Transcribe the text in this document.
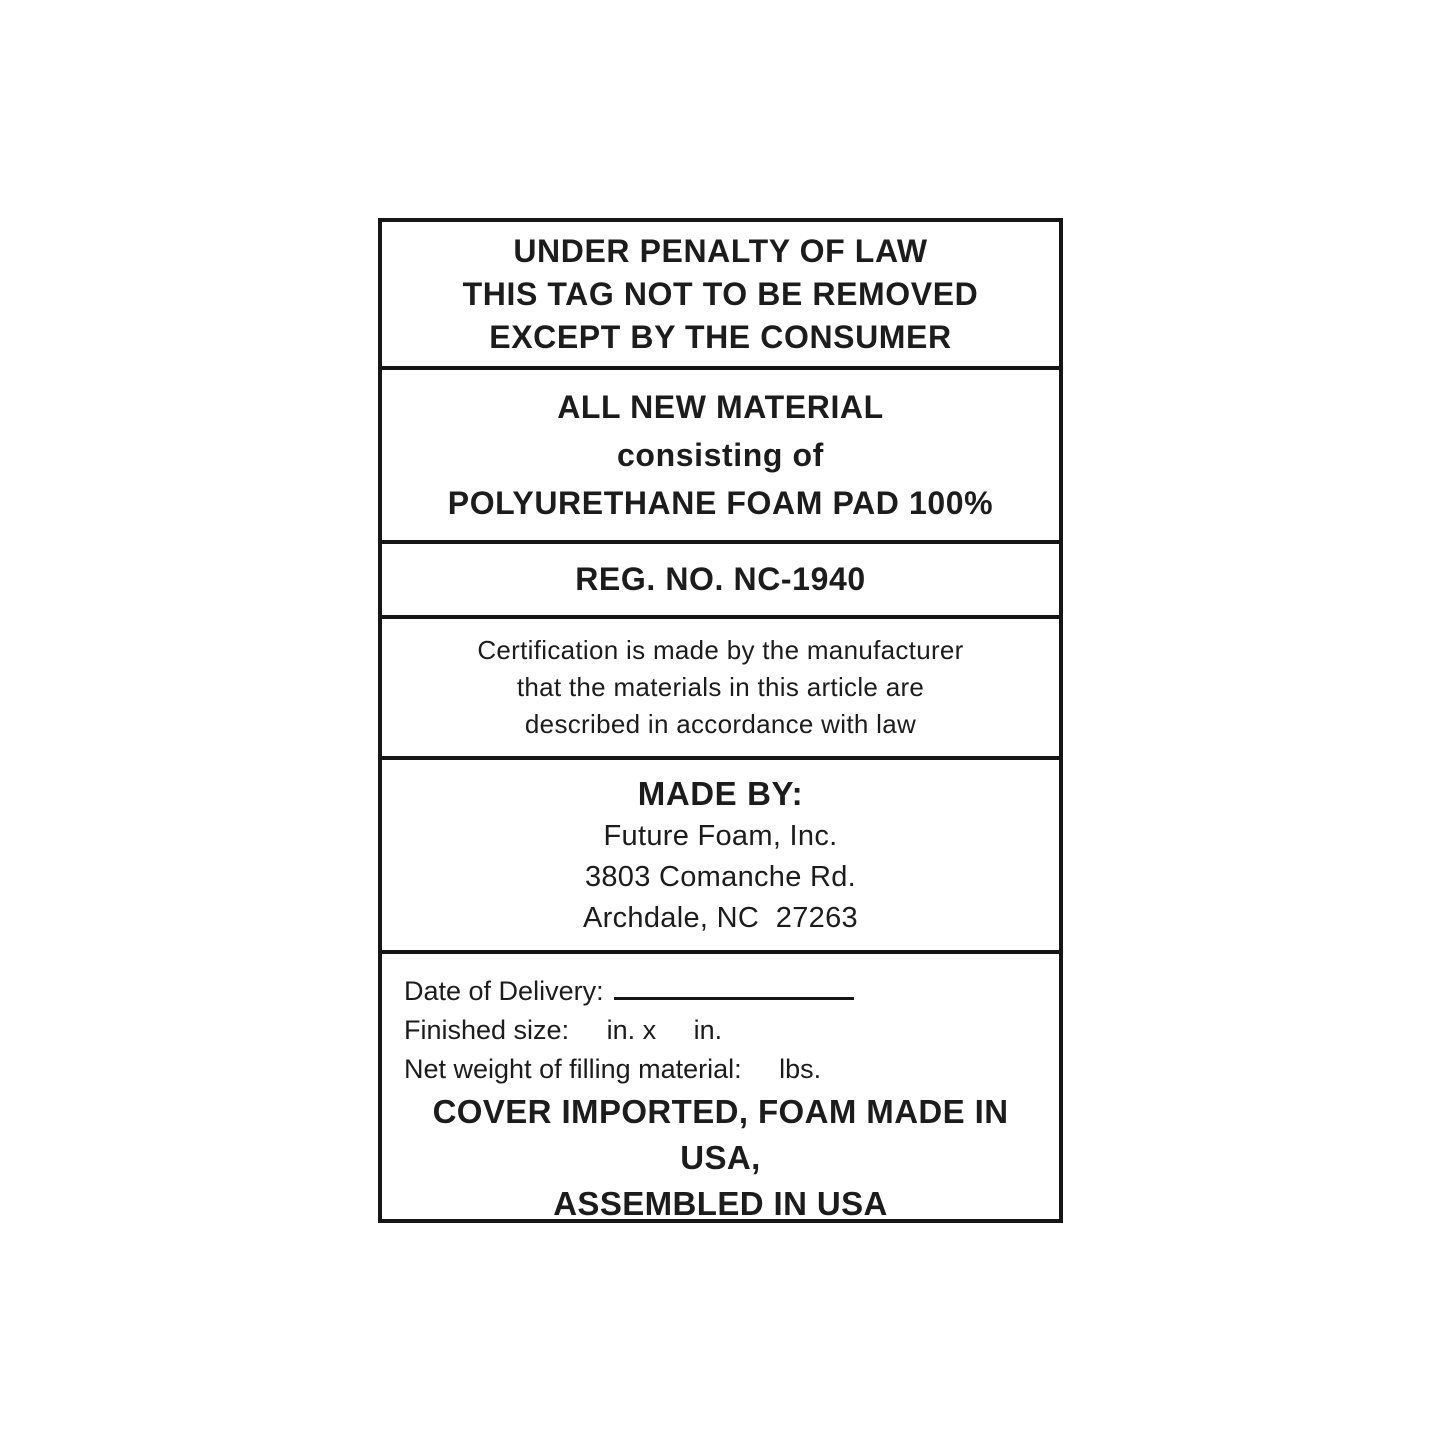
UNDER PENALTY OF LAW
THIS TAG NOT TO BE REMOVED
EXCEPT BY THE CONSUMER
ALL NEW MATERIAL
consisting of
POLYURETHANE FOAM PAD 100%
REG. NO. NC-1940
Certification is made by the manufacturer
that the materials in this article are
described in accordance with law
MADE BY:
Future Foam, Inc.
3803 Comanche Rd.
Archdale, NC  27263
Date of Delivery:
Finished size:     in. x     in.
Net weight of filling material:     lbs.
COVER IMPORTED, FOAM MADE IN USA,
ASSEMBLED IN USA
